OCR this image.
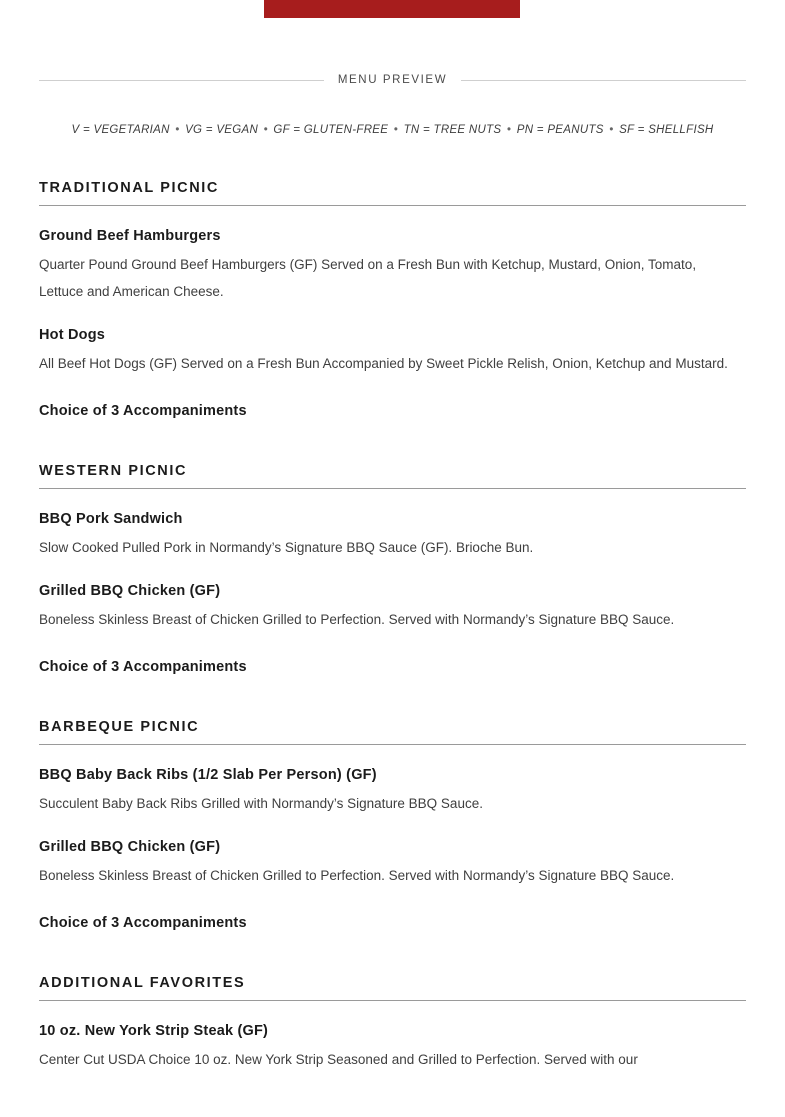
MENU PREVIEW
V = VEGETARIAN • VG = VEGAN • GF = GLUTEN-FREE • TN = TREE NUTS • PN = PEANUTS • SF = SHELLFISH
TRADITIONAL PICNIC
Ground Beef Hamburgers

Quarter Pound Ground Beef Hamburgers (GF) Served on a Fresh Bun with Ketchup, Mustard, Onion, Tomato, Lettuce and American Cheese.

Hot Dogs

All Beef Hot Dogs (GF) Served on a Fresh Bun Accompanied by Sweet Pickle Relish, Onion, Ketchup and Mustard.

Choice of 3 Accompaniments
WESTERN PICNIC
BBQ Pork Sandwich

Slow Cooked Pulled Pork in Normandy’s Signature BBQ Sauce (GF). Brioche Bun.

Grilled BBQ Chicken (GF)

Boneless Skinless Breast of Chicken Grilled to Perfection. Served with Normandy’s Signature BBQ Sauce.

Choice of 3 Accompaniments
BARBEQUE PICNIC
BBQ Baby Back Ribs (1/2 Slab Per Person) (GF)

Succulent Baby Back Ribs Grilled with Normandy’s Signature BBQ Sauce.

Grilled BBQ Chicken (GF)

Boneless Skinless Breast of Chicken Grilled to Perfection. Served with Normandy’s Signature BBQ Sauce.

Choice of 3 Accompaniments
ADDITIONAL FAVORITES
10 oz. New York Strip Steak (GF)

Center Cut USDA Choice 10 oz. New York Strip Seasoned and Grilled to Perfection. Served with our
